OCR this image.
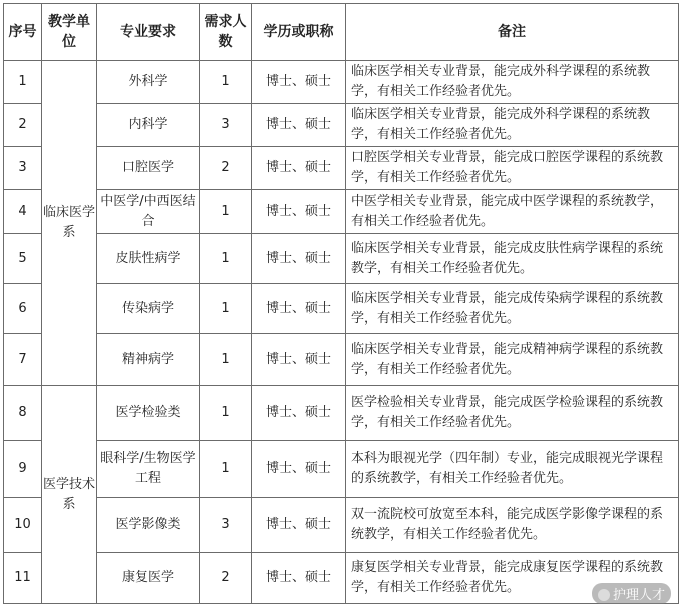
序号	教学单位	专业要求	需求人数	学历或职称	备注
1	临床医学系	外科学	1	博士、硕士	临床医学相关专业背景，能完成外科学课程的系统教学，有相关工作经验者优先。
2		内科学	3	博士、硕士	临床医学相关专业背景，能完成外科学课程的系统教学，有相关工作经验者优先。
3		口腔医学	2	博士、硕士	口腔医学相关专业背景，能完成口腔医学课程的系统教学，有相关工作经验者优先。
4		中医学/中西医结合	1	博士、硕士	中医学相关专业背景，能完成中医学课程的系统教学，有相关工作经验者优先。
5		皮肤性病学	1	博士、硕士	临床医学相关专业背景，能完成皮肤性病学课程的系统教学，有相关工作经验者优先。
6		传染病学	1	博士、硕士	临床医学相关专业背景，能完成传染病学课程的系统教学，有相关工作经验者优先。
7		精神病学	1	博士、硕士	临床医学相关专业背景，能完成精神病学课程的系统教学，有相关工作经验者优先。
8	医学技术系	医学检验类	1	博士、硕士	医学检验相关专业背景，能完成医学检验课程的系统教学，有相关工作经验者优先。
9		眼科学/生物医学工程	1	博士、硕士	本科为眼视光学（四年制）专业，能完成眼视光学课程的系统教学，有相关工作经验者优先。
10		医学影像类	3	博士、硕士	双一流院校可放宽至本科，能完成医学影像学课程的系统教学，有相关工作经验者优先。
11		康复医学	2	博士、硕士	康复医学相关专业背景，能完成康复医学课程的系统教学，有相关工作经验者优先。
护理人才
